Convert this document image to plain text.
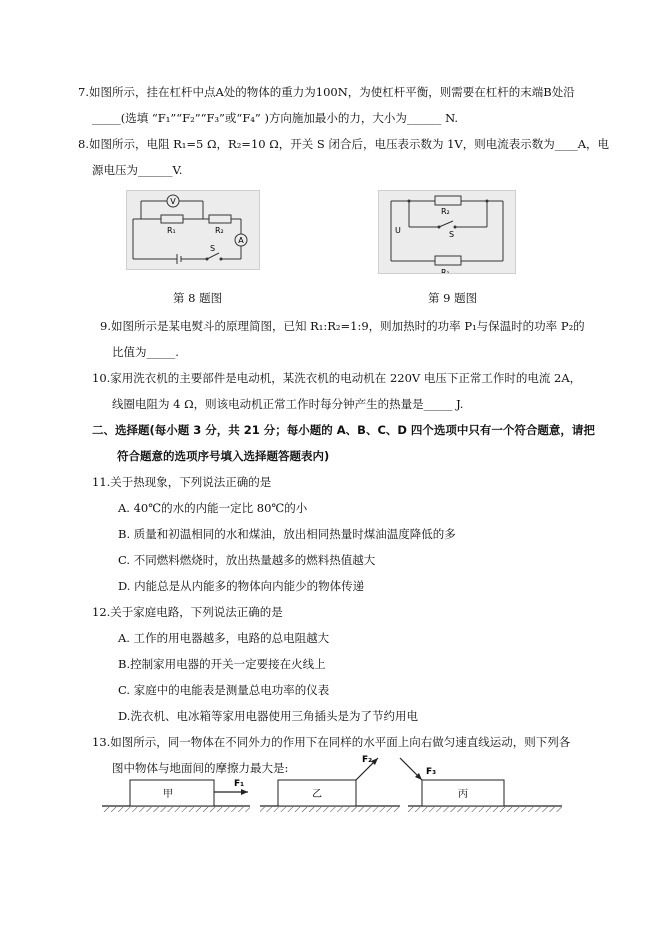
7.如图所示，挂在杠杆中点A处的物体的重力为100N，为使杠杆平衡，则需要在杠杆的末端B处沿
_____(选填 “F₁”“F₂”“F₃”或“F₄” )方向施加最小的力，大小为______ N.
8.如图所示，电阻 R₁=5 Ω，R₂=10 Ω，开关 S 闭合后，电压表示数为 1V，则电流表示数为____A，电
源电压为______V.
V
A
R₁	R₂
S
R₂
R₁
S
U
第 8 题图	第 9 题图
9.如图所示是某电熨斗的原理简图，已知 R₁:R₂=1:9，则加热时的功率 P₁与保温时的功率 P₂的
比值为_____.
10.家用洗衣机的主要部件是电动机，某洗衣机的电动机在 220V 电压下正常工作时的电流 2A，
线圈电阻为 4 Ω，则该电动机正常工作时每分钟产生的热量是_____ J.
二、选择题(每小题 3 分，共 21 分；每小题的 A、B、C、D 四个选项中只有一个符合题意，请把
符合题意的选项序号填入选择题答题表内)
11.关于热现象，下列说法正确的是
A. 40℃的水的内能一定比 80℃的小
B. 质量和初温相同的水和煤油，放出相同热量时煤油温度降低的多
C. 不同燃料燃烧时，放出热量越多的燃料热值越大
D. 内能总是从内能多的物体向内能少的物体传递
12.关于家庭电路，下列说法正确的是
A. 工作的用电器越多，电路的总电阻越大
B.控制家用电器的开关一定要接在火线上
C. 家庭中的电能表是测量总电功率的仪表
D.洗衣机、电冰箱等家用电器使用三角插头是为了节约用电
13.如图所示，同一物体在不同外力的作用下在同样的水平面上向右做匀速直线运动，则下列各
图中物体与地面间的摩擦力最大是:
甲
F₁
乙
F₂
丙
F₃
